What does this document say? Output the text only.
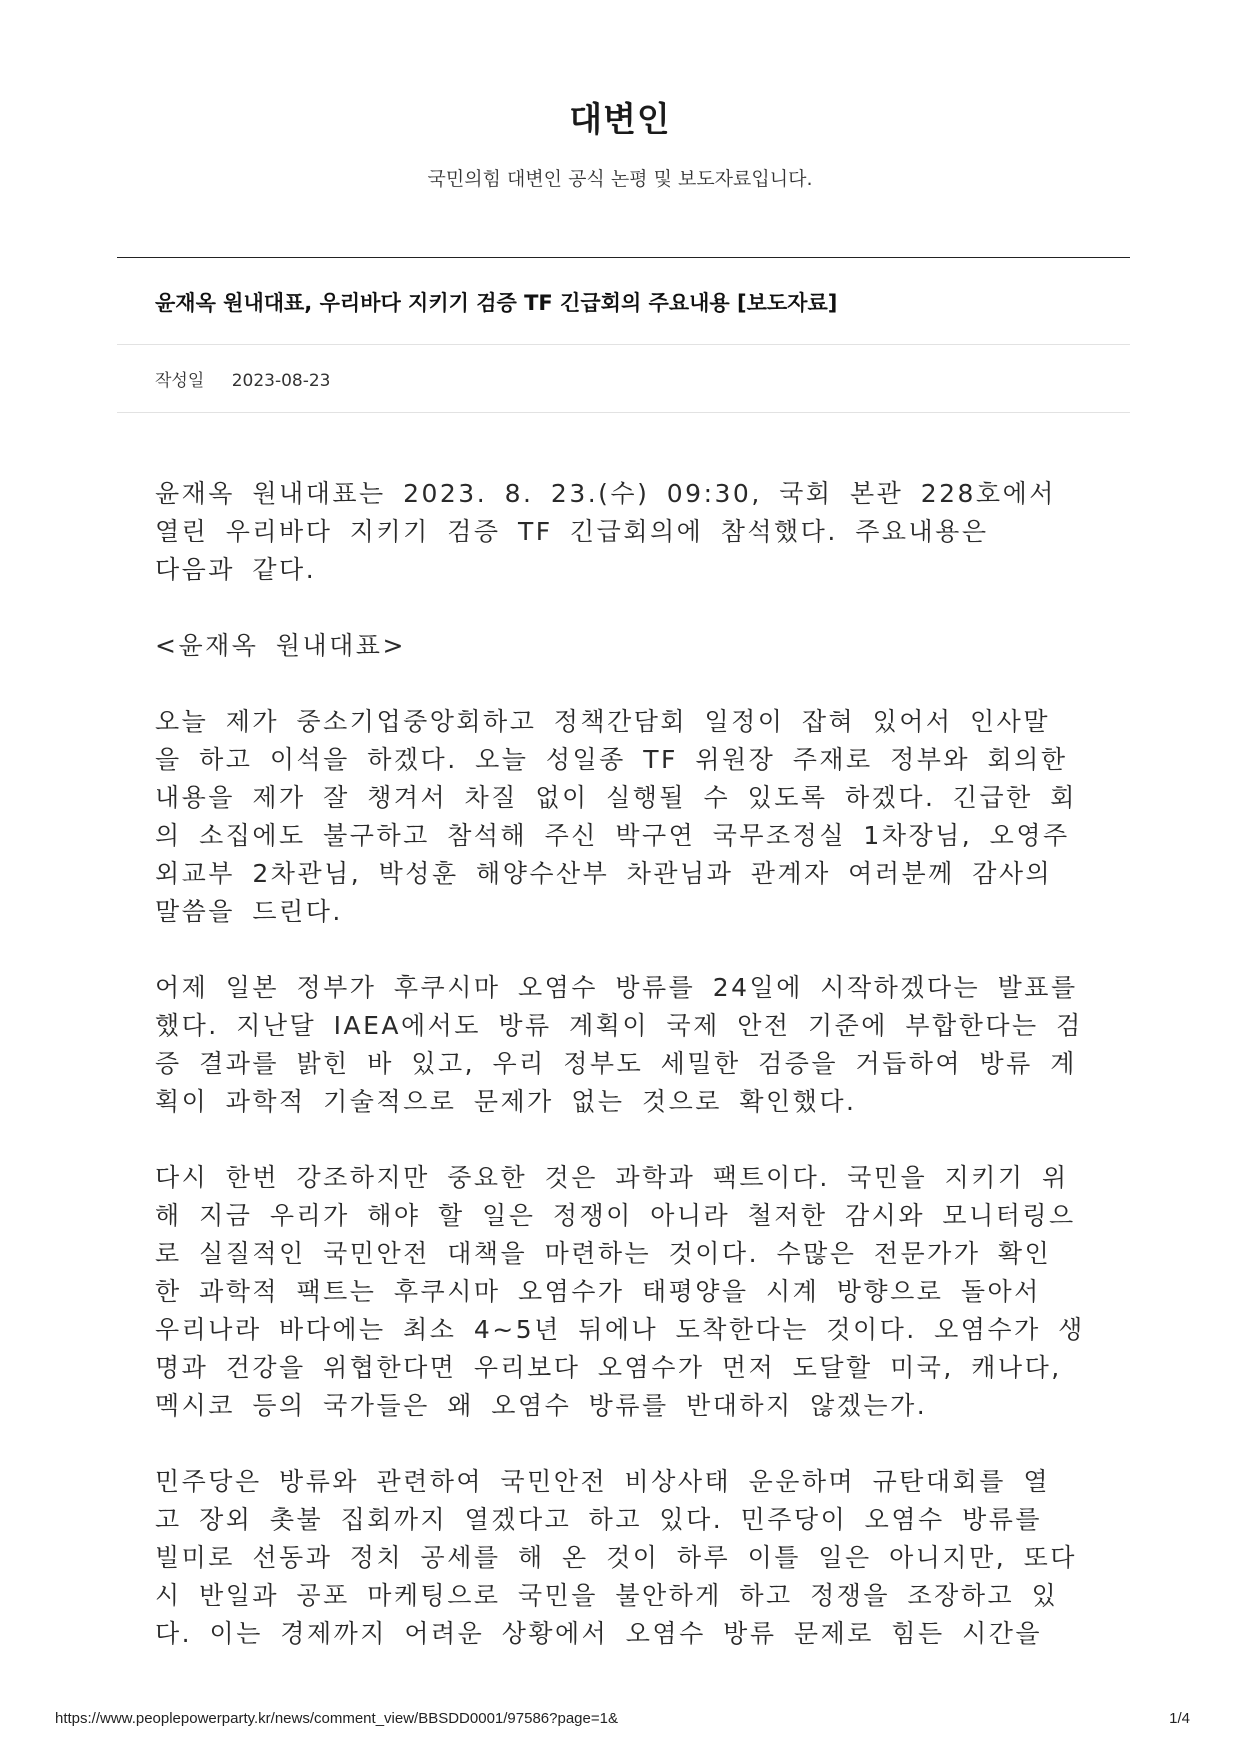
대변인
국민의힘 대변인 공식 논평 및 보도자료입니다.
윤재옥 원내대표, 우리바다 지키기 검증 TF 긴급회의 주요내용 [보도자료]
작성일 2023-08-23
윤재옥 원내대표는 2023. 8. 23.(수) 09:30, 국회 본관 228호에서
열린 우리바다 지키기 검증 TF 긴급회의에 참석했다. 주요내용은
다음과 같다.
<윤재옥 원내대표>
오늘 제가 중소기업중앙회하고 정책간담회 일정이 잡혀 있어서 인사말
을 하고 이석을 하겠다. 오늘 성일종 TF 위원장 주재로 정부와 회의한
내용을 제가 잘 챙겨서 차질 없이 실행될 수 있도록 하겠다. 긴급한 회
의 소집에도 불구하고 참석해 주신 박구연 국무조정실 1차장님, 오영주
외교부 2차관님, 박성훈 해양수산부 차관님과 관계자 여러분께 감사의
말씀을 드린다.
어제 일본 정부가 후쿠시마 오염수 방류를 24일에 시작하겠다는 발표를
했다. 지난달 IAEA에서도 방류 계획이 국제 안전 기준에 부합한다는 검
증 결과를 밝힌 바 있고, 우리 정부도 세밀한 검증을 거듭하여 방류 계
획이 과학적 기술적으로 문제가 없는 것으로 확인했다.
다시 한번 강조하지만 중요한 것은 과학과 팩트이다. 국민을 지키기 위
해 지금 우리가 해야 할 일은 정쟁이 아니라 철저한 감시와 모니터링으
로 실질적인 국민안전 대책을 마련하는 것이다. 수많은 전문가가 확인
한 과학적 팩트는 후쿠시마 오염수가 태평양을 시계 방향으로 돌아서
우리나라 바다에는 최소 4~5년 뒤에나 도착한다는 것이다. 오염수가 생
명과 건강을 위협한다면 우리보다 오염수가 먼저 도달할 미국, 캐나다,
멕시코 등의 국가들은 왜 오염수 방류를 반대하지 않겠는가.
민주당은 방류와 관련하여 국민안전 비상사태 운운하며 규탄대회를 열
고 장외 촛불 집회까지 열겠다고 하고 있다. 민주당이 오염수 방류를
빌미로 선동과 정치 공세를 해 온 것이 하루 이틀 일은 아니지만, 또다
시 반일과 공포 마케팅으로 국민을 불안하게 하고 정쟁을 조장하고 있
다. 이는 경제까지 어려운 상황에서 오염수 방류 문제로 힘든 시간을
https://www.peoplepowerparty.kr/news/comment_view/BBSDD0001/97586?page=1&	1/4
